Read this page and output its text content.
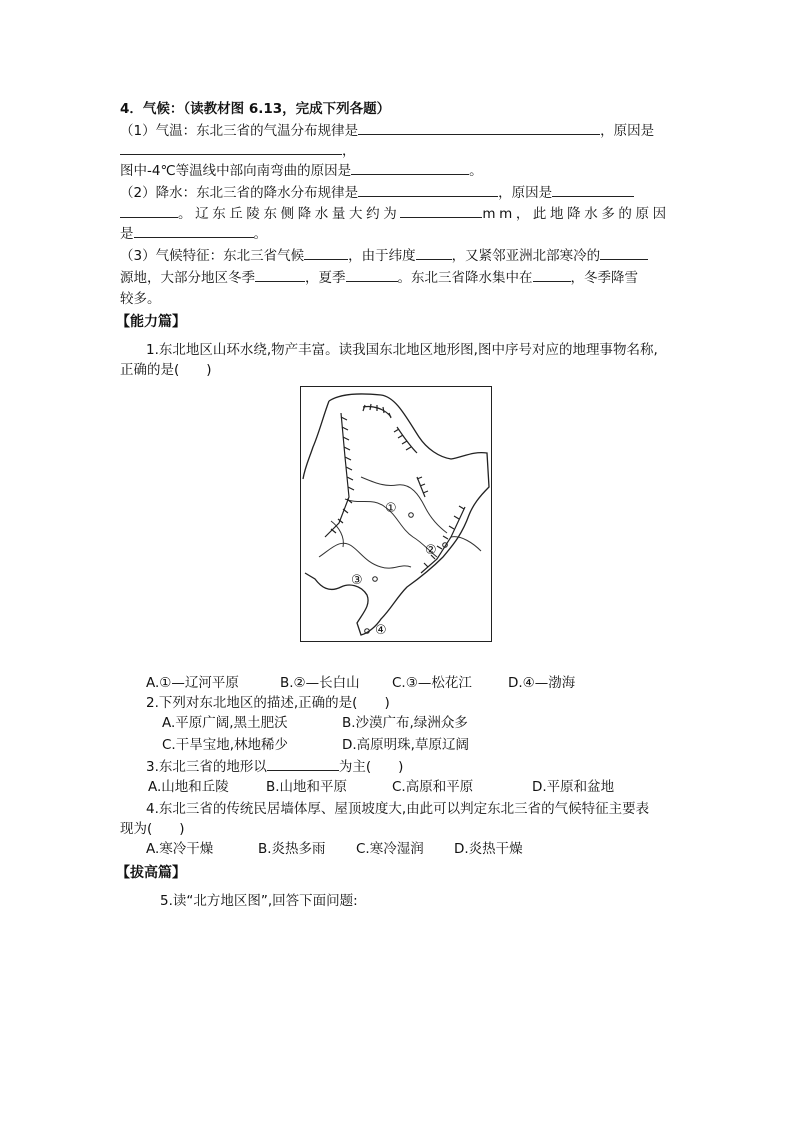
4．气候：（读教材图 6.13，完成下列各题）
（1）气温：东北三省的气温分布规律是	，原因是
，
图中-4℃等温线中部向南弯曲的原因是	。
（2）降水：东北三省的降水分布规律是	，原因是
。辽东丘陵东侧降水量大约为	mm，此地降水多的原因
是	。
（3）气候特征：东北三省气候	，由于纬度	，又紧邻亚洲北部寒冷的
源地，大部分地区冬季	，夏季	。东北三省降水集中在	，冬季降雪
较多。
【能力篇】
1.东北地区山环水绕,物产丰富。读我国东北地区地形图,图中序号对应的地理事物名称,
正确的是(　　)
①
②
③
④
A.①—辽河平原	B.②—长白山 C.③—松花江	D.④—渤海
2.下列对东北地区的描述,正确的是(　　)
A.平原广阔,黑土肥沃	B.沙漠广布,绿洲众多
C.干旱宝地,林地稀少	D.高原明珠,草原辽阔
3.东北三省的地形以	为主(　　)
A.山地和丘陵	B.山地和平原	C.高原和平原	D.平原和盆地
4.东北三省的传统民居墙体厚、屋顶坡度大,由此可以判定东北三省的气候特征主要表
现为(　　)
A.寒冷干燥	B.炎热多雨 C.寒冷湿润 D.炎热干燥
【拔高篇】
5.读“北方地区图”,回答下面问题:
